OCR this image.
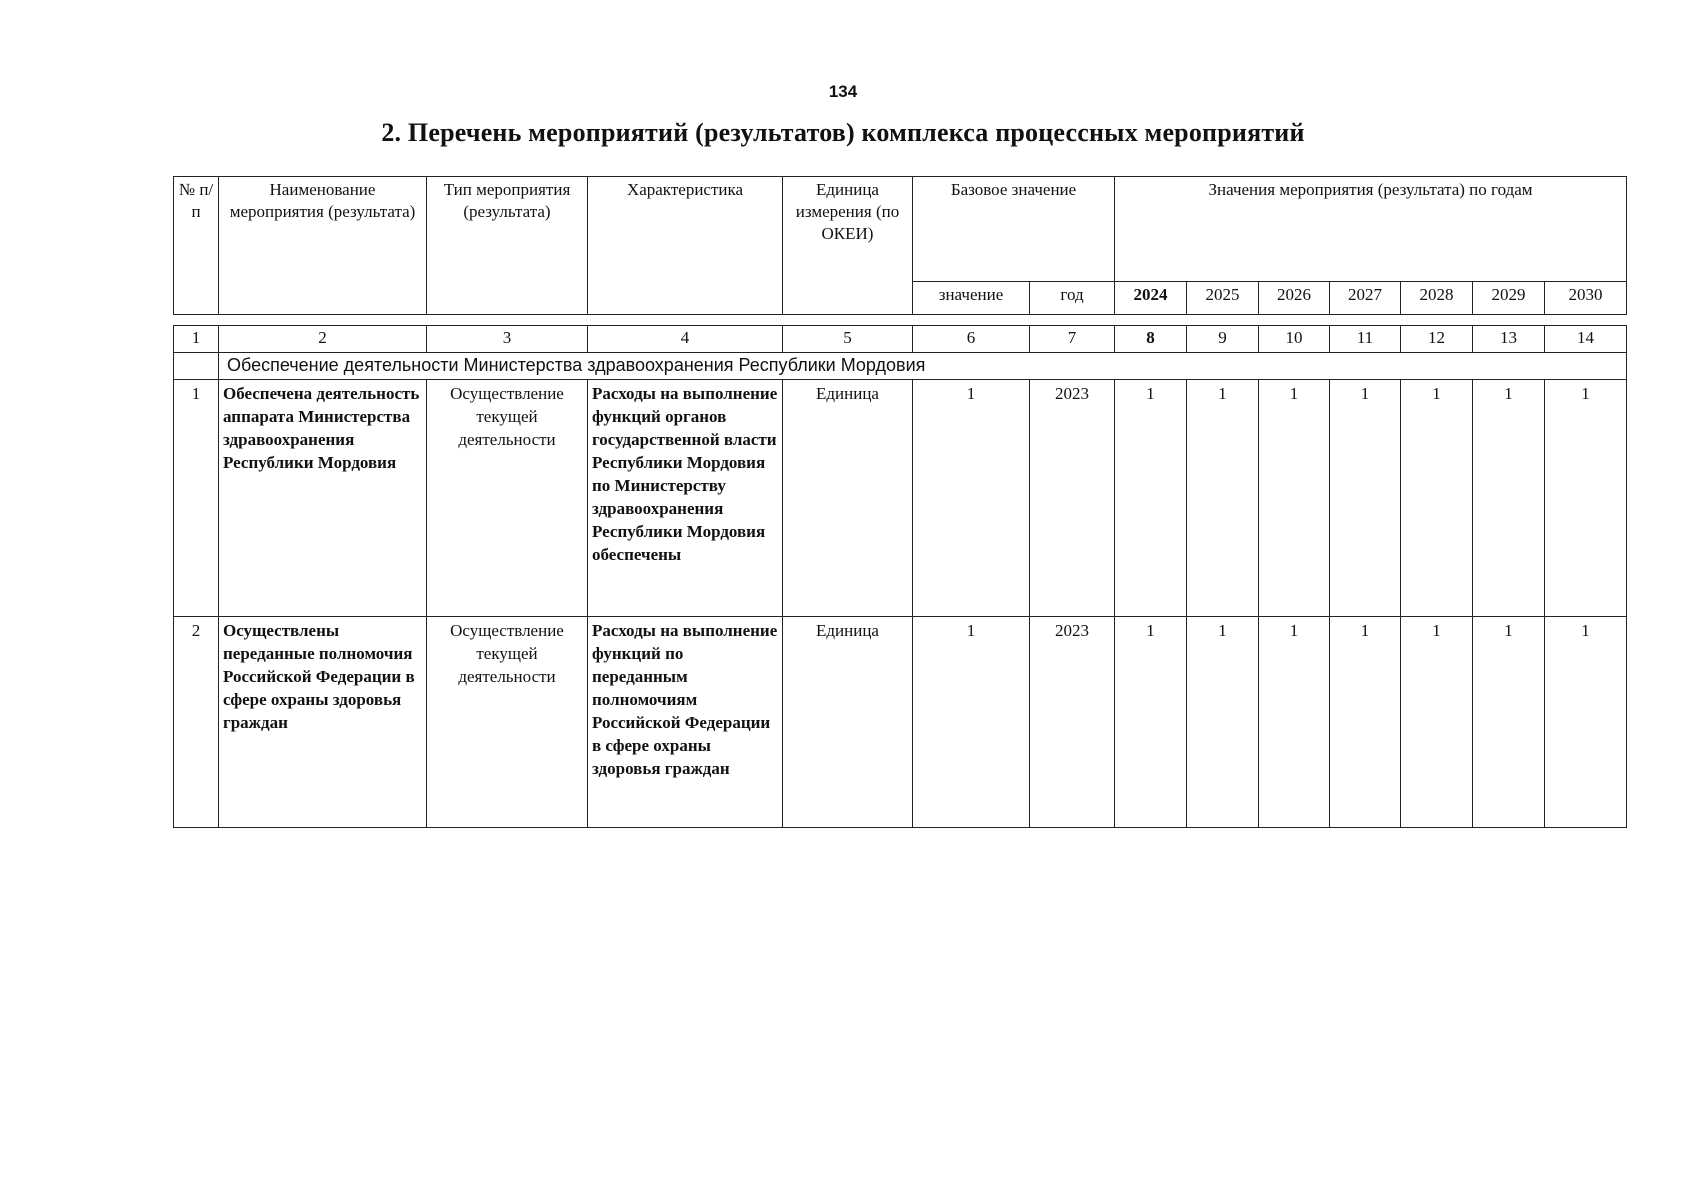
134
2. Перечень мероприятий (результатов) комплекса процессных мероприятий
№ п/п	Наименование мероприятия (результата)	Тип мероприятия (результата)	Характеристика	Единица измерения (по ОКЕИ)	Базовое значение		Значения мероприятия (результата) по годам						
					значение	год	2024	2025	2026	2027	2028	2029	2030
1	2	3	4	5	6	7	8	9	10	11	12	13	14
	Обеспечение деятельности Министерства здравоохранения Республики Мордовия												
1	Обеспечена деятельность аппарата Министерства здравоохранения Республики Мордовия	Осуществление текущей деятельности	Расходы на выполнение функций органов государственной власти Республики Мордовия по Министерству здравоохранения Республики Мордовия обеспечены	Единица	1	2023	1	1	1	1	1	1	1
2	Осуществлены переданные полномочия Российской Федерации в сфере охраны здоровья граждан	Осуществление текущей деятельности	Расходы на выполнение функций по переданным полномочиям Российской Федерации в сфере охраны здоровья граждан	Единица	1	2023	1	1	1	1	1	1	1
